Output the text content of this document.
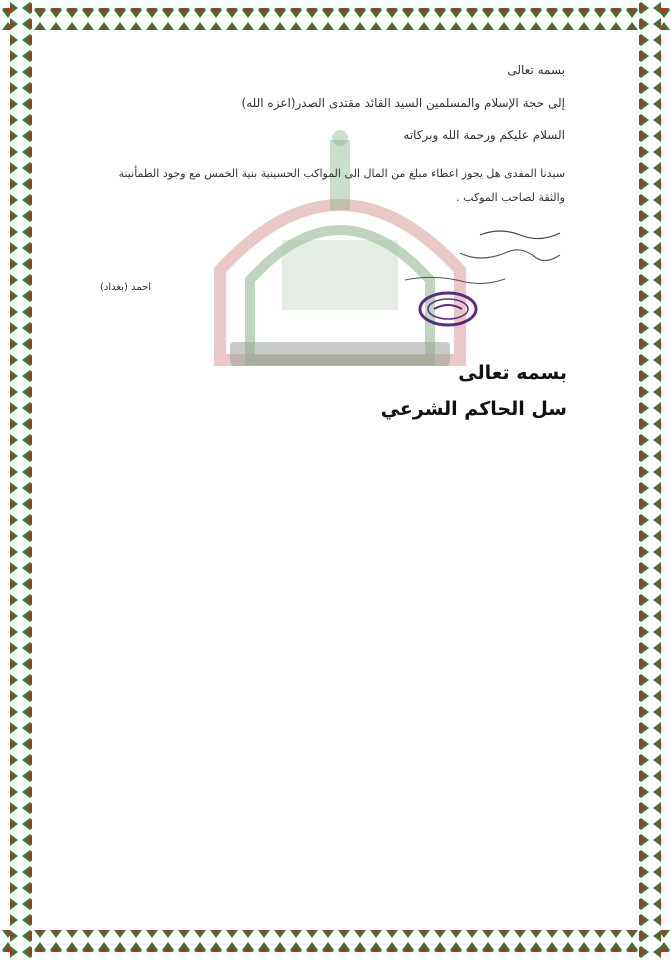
بسمه تعالى
إلى حجة الإسلام والمسلمين السيد القائد مقتدى الصدر(اعزه الله)
السلام عليكم ورحمة الله وبركاته
سيدنا المفدى هل يجوز اعطاء مبلغ من المال الى المواكب الحسينية بنية الخمس مع وجود الطمأنينة والثقة لصاحب الموكب .
احمد (بغداد)
بسمه تعالى
سل الحاكم الشرعي
